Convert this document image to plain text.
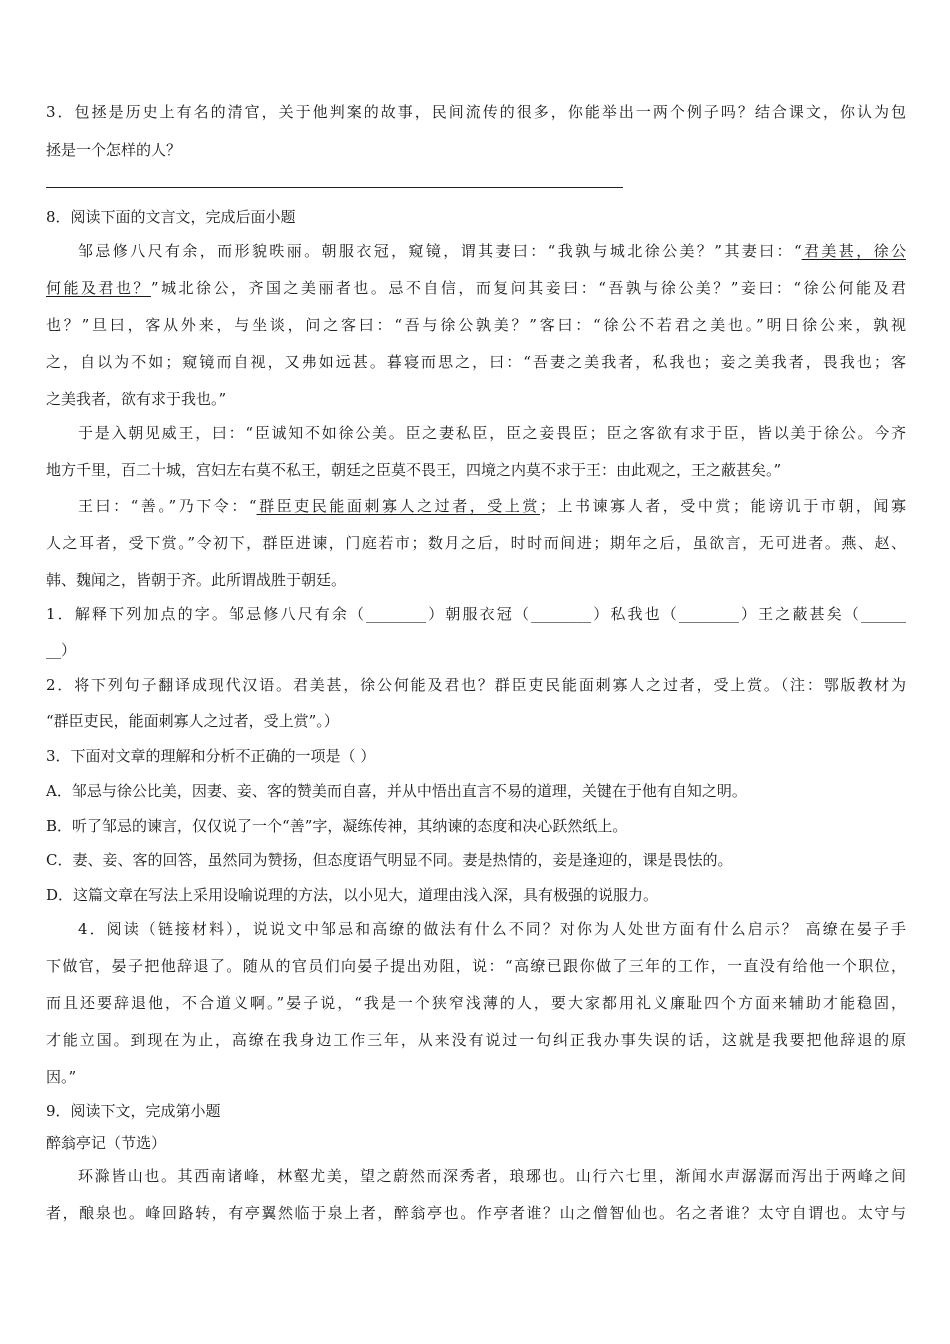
3．包拯是历史上有名的清官，关于他判案的故事，民间流传的很多，你能举出一两个例子吗？结合课文，你认为包
拯是一个怎样的人？
8．阅读下面的文言文，完成后面小题
邹忌修八尺有余，而形貌昳丽。朝服衣冠，窥镜，谓其妻曰：“我孰与城北徐公美？”其妻曰：“君美甚，徐公
何能及君也？”城北徐公，齐国之美丽者也。忌不自信，而复问其妾曰：“吾孰与徐公美？”妾曰：“徐公何能及君
也？”旦曰，客从外来，与坐谈，问之客曰：“吾与徐公孰美？”客曰：“徐公不若君之美也。”明日徐公来，孰视
之，自以为不如；窥镜而自视，又弗如远甚。暮寝而思之，曰：“吾妻之美我者，私我也；妾之美我者，畏我也；客
之美我者，欲有求于我也。”
于是入朝见威王，曰：“臣诚知不如徐公美。臣之妻私臣，臣之妾畏臣；臣之客欲有求于臣，皆以美于徐公。今齐
地方千里，百二十城，宫妇左右莫不私王，朝廷之臣莫不畏王，四境之内莫不求于王：由此观之，王之蔽甚矣。”
王曰：“善。”乃下令：“群臣吏民能面刺寡人之过者，受上赏；上书谏寡人者，受中赏；能谤讥于市朝，闻寡
人之耳者，受下赏。”令初下，群臣进谏，门庭若市；数月之后，时时而间进；期年之后，虽欲言，无可进者。燕、赵、
韩、魏闻之，皆朝于齐。此所谓战胜于朝廷。
1．解释下列加点的字。邹忌修八尺有余（________）朝服衣冠（________）私我也（________）王之蔽甚矣（______
__）
2．将下列句子翻译成现代汉语。君美甚，徐公何能及君也？群臣吏民能面刺寡人之过者，受上赏。（注：鄂版教材为
“群臣吏民，能面刺寡人之过者，受上赏”。）
3．下面对文章的理解和分析不正确的一项是（ ）
A．邹忌与徐公比美，因妻、妾、客的赞美而自喜，并从中悟出直言不易的道理，关键在于他有自知之明。
B．听了邹忌的谏言，仅仅说了一个“善”字，凝练传神，其纳谏的态度和决心跃然纸上。
C．妻、妾、客的回答，虽然同为赞扬，但态度语气明显不同。妻是热情的，妾是逢迎的，课是畏怯的。
D．这篇文章在写法上采用设喻说理的方法，以小见大，道理由浅入深，具有极强的说服力。
4．阅读（链接材料），说说文中邹忌和高缭的做法有什么不同？对你为人处世方面有什么启示？ 高缭在晏子手
下做官，晏子把他辞退了。随从的官员们向晏子提出劝阻，说：“高缭已跟你做了三年的工作，一直没有给他一个职位，
而且还要辞退他，不合道义啊。”晏子说，“我是一个狭窄浅薄的人，要大家都用礼义廉耻四个方面来辅助才能稳固，
才能立国。到现在为止，高缭在我身边工作三年，从来没有说过一句纠正我办事失误的话，这就是我要把他辞退的原
因。”
9．阅读下文，完成第小题
醉翁亭记（节选）
环滁皆山也。其西南诸峰，林壑尤美，望之蔚然而深秀者，琅琊也。山行六七里，渐闻水声潺潺而泻出于两峰之间
者，酿泉也。峰回路转，有亭翼然临于泉上者，醉翁亭也。作亭者谁？山之僧智仙也。名之者谁？太守自谓也。太守与
